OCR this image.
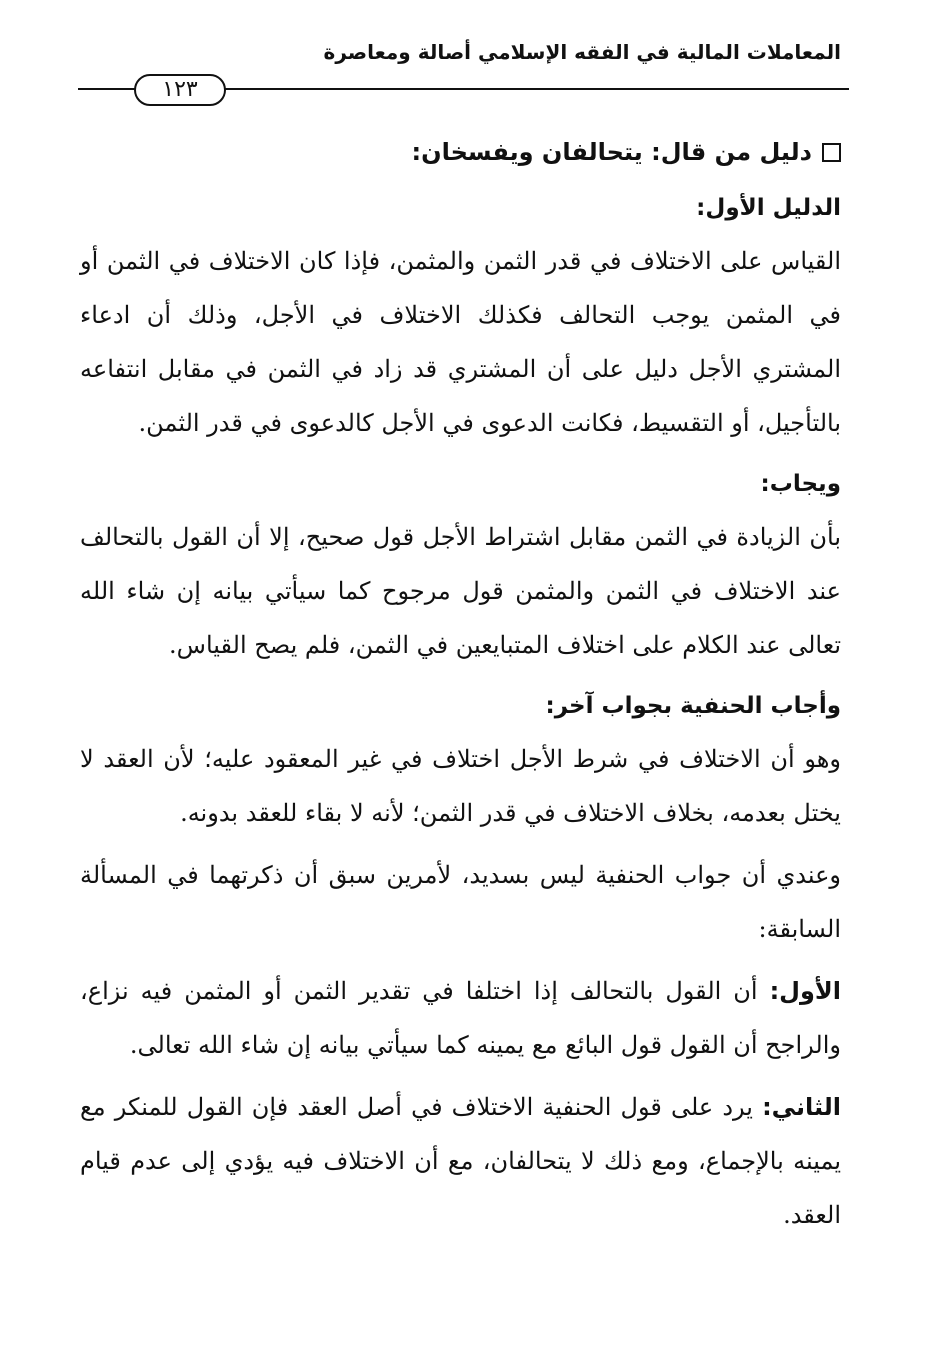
المعاملات المالية في الفقه الإسلامي أصالة ومعاصرة
١٢٣
دليل من قال: يتحالفان ويفسخان:

الدليل الأول:

القياس على الاختلاف في قدر الثمن والمثمن، فإذا كان الاختلاف في الثمن أو في المثمن يوجب التحالف فكذلك الاختلاف في الأجل، وذلك أن ادعاء المشتري الأجل دليل على أن المشتري قد زاد في الثمن في مقابل انتفاعه بالتأجيل، أو التقسيط، فكانت الدعوى في الأجل كالدعوى في قدر الثمن.

ويجاب:

بأن الزيادة في الثمن مقابل اشتراط الأجل قول صحيح، إلا أن القول بالتحالف عند الاختلاف في الثمن والمثمن قول مرجوح كما سيأتي بيانه إن شاء الله تعالى عند الكلام على اختلاف المتبايعين في الثمن، فلم يصح القياس.

وأجاب الحنفية بجواب آخر:

وهو أن الاختلاف في شرط الأجل اختلاف في غير المعقود عليه؛ لأن العقد لا يختل بعدمه، بخلاف الاختلاف في قدر الثمن؛ لأنه لا بقاء للعقد بدونه.

وعندي أن جواب الحنفية ليس بسديد، لأمرين سبق أن ذكرتهما في المسألة السابقة:

الأول: أن القول بالتحالف إذا اختلفا في تقدير الثمن أو المثمن فيه نزاع، والراجح أن القول قول البائع مع يمينه كما سيأتي بيانه إن شاء الله تعالى.

الثاني: يرد على قول الحنفية الاختلاف في أصل العقد فإن القول للمنكر مع يمينه بالإجماع، ومع ذلك لا يتحالفان، مع أن الاختلاف فيه يؤدي إلى عدم قيام العقد.
